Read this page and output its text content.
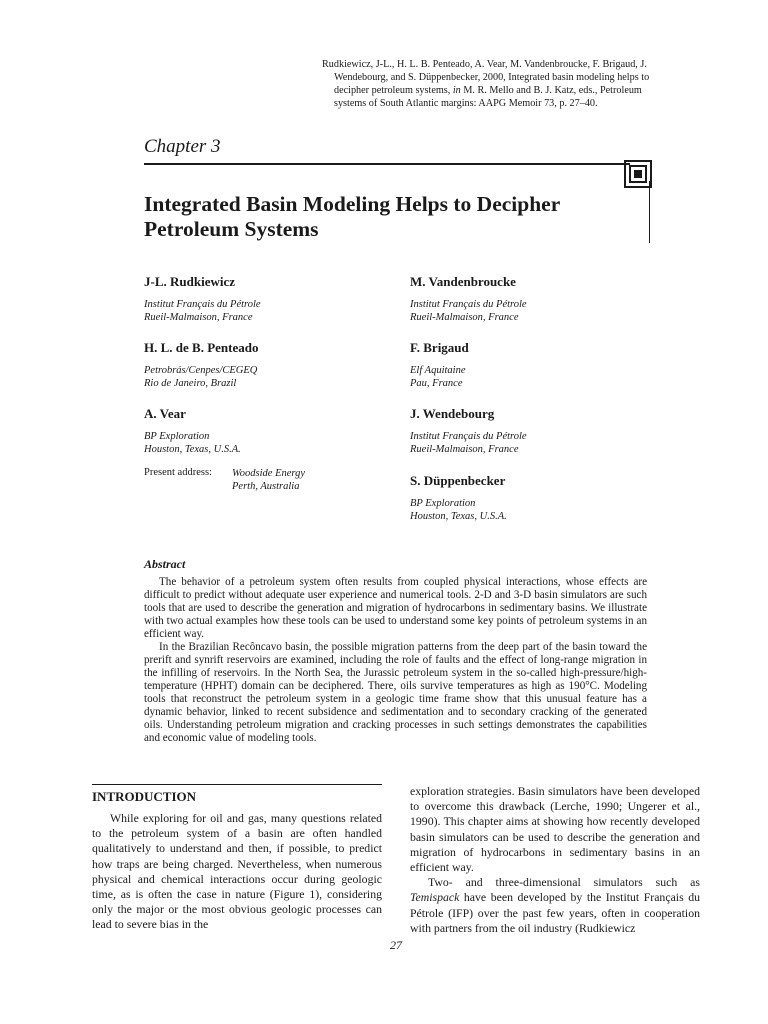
Rudkiewicz, J-L., H. L. B. Penteado, A. Vear, M. Vandenbroucke, F. Brigaud, J. Wendebourg, and S. Düppenbecker, 2000, Integrated basin modeling helps to decipher petroleum systems, in M. R. Mello and B. J. Katz, eds., Petroleum systems of South Atlantic margins: AAPG Memoir 73, p. 27–40.
Chapter 3
Integrated Basin Modeling Helps to Decipher
Petroleum Systems
J-L. Rudkiewicz
Institut Français du Pétrole
Rueil-Malmaison, France
H. L. de B. Penteado
Petrobrás/Cenpes/CEGEQ
Rio de Janeiro, Brazil
A. Vear
BP Exploration
Houston, Texas, U.S.A.
Present address: Woodside Energy
Perth, Australia
M. Vandenbroucke
Institut Français du Pétrole
Rueil-Malmaison, France
F. Brigaud
Elf Aquitaine
Pau, France
J. Wendebourg
Institut Français du Pétrole
Rueil-Malmaison, France
S. Düppenbecker
BP Exploration
Houston, Texas, U.S.A.
Abstract

The behavior of a petroleum system often results from coupled physical interactions, whose effects are difficult to predict without adequate user experience and numerical tools. 2-D and 3-D basin simulators are such tools that are used to describe the generation and migration of hydrocarbons in sedimentary basins. We illustrate with two actual examples how these tools can be used to understand some key points of petroleum systems in an efficient way.

In the Brazilian Recôncavo basin, the possible migration patterns from the deep part of the basin toward the prerift and synrift reservoirs are examined, including the role of faults and the effect of long-range migration in the infilling of reservoirs. In the North Sea, the Jurassic petroleum system in the so-called high-pressure/high-temperature (HPHT) domain can be deciphered. There, oils survive temperatures as high as 190°C. Modeling tools that reconstruct the petroleum system in a geologic time frame show that this unusual feature has a dynamic behavior, linked to recent subsidence and sedimentation and to secondary cracking of the generated oils. Understanding petroleum migration and cracking processes in such settings demonstrates the capabilities and economic value of modeling tools.

INTRODUCTION

While exploring for oil and gas, many questions related to the petroleum system of a basin are often handled qualitatively to understand and then, if possible, to predict how traps are being charged. Nevertheless, when numerous physical and chemical interactions occur during geologic time, as is often the case in nature (Figure 1), considering only the major or the most obvious geologic processes can lead to severe bias in the

exploration strategies. Basin simulators have been developed to overcome this drawback (Lerche, 1990; Ungerer et al., 1990). This chapter aims at showing how recently developed basin simulators can be used to describe the generation and migration of hydrocarbons in sedimentary basins in an efficient way.

Two- and three-dimensional simulators such as Temispack have been developed by the Institut Français du Pétrole (IFP) over the past few years, often in cooperation with partners from the oil industry (Rudkiewicz

27
